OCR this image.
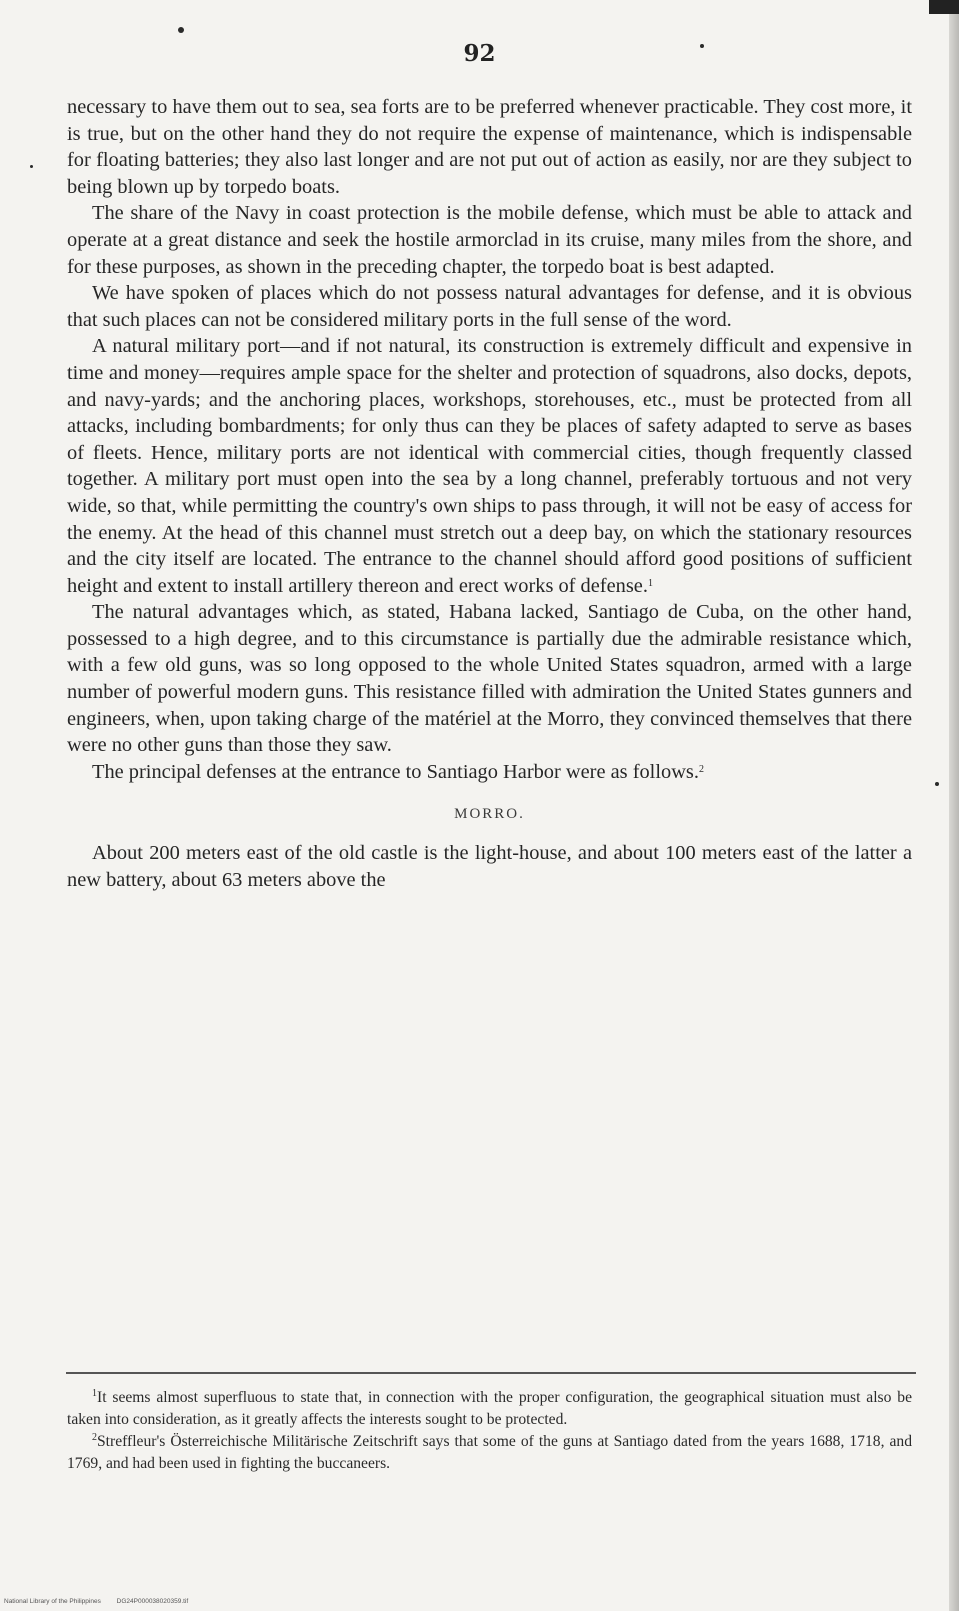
92

necessary to have them out to sea, sea forts are to be preferred whenever practicable. They cost more, it is true, but on the other hand they do not require the expense of maintenance, which is indispensable for floating batteries; they also last longer and are not put out of action as easily, nor are they subject to being blown up by torpedo boats.

The share of the Navy in coast protection is the mobile defense, which must be able to attack and operate at a great distance and seek the hostile armorclad in its cruise, many miles from the shore, and for these purposes, as shown in the preceding chapter, the torpedo boat is best adapted.

We have spoken of places which do not possess natural advantages for defense, and it is obvious that such places can not be considered military ports in the full sense of the word.

A natural military port—and if not natural, its construction is extremely difficult and expensive in time and money—requires ample space for the shelter and protection of squadrons, also docks, depots, and navy-yards; and the anchoring places, workshops, storehouses, etc., must be protected from all attacks, including bombardments; for only thus can they be places of safety adapted to serve as bases of fleets. Hence, military ports are not identical with commercial cities, though frequently classed together. A military port must open into the sea by a long channel, preferably tortuous and not very wide, so that, while permitting the country's own ships to pass through, it will not be easy of access for the enemy. At the head of this channel must stretch out a deep bay, on which the stationary resources and the city itself are located. The entrance to the channel should afford good positions of sufficient height and extent to install artillery thereon and erect works of defense.$^1$

The natural advantages which, as stated, Habana lacked, Santiago de Cuba, on the other hand, possessed to a high degree, and to this circumstance is partially due the admirable resistance which, with a few old guns, was so long opposed to the whole United States squadron, armed with a large number of powerful modern guns. This resistance filled with admiration the United States gunners and engineers, when, upon taking charge of the matériel at the Morro, they convinced themselves that there were no other guns than those they saw.

The principal defenses at the entrance to Santiago Harbor were as follows.$^2$

MORRO.

About 200 meters east of the old castle is the light-house, and about 100 meters east of the latter a new battery, about 63 meters above the

$^1$It seems almost superfluous to state that, in connection with the proper configuration, the geographical situation must also be taken into consideration, as it greatly affects the interests sought to be protected.

$^2$Streffleur's Österreichische Militärische Zeitschrift says that some of the guns at Santiago dated from the years 1688, 1718, and 1769, and had been used in fighting the buccaneers.

National Library of the Philippines DG24P000038020359.tif
